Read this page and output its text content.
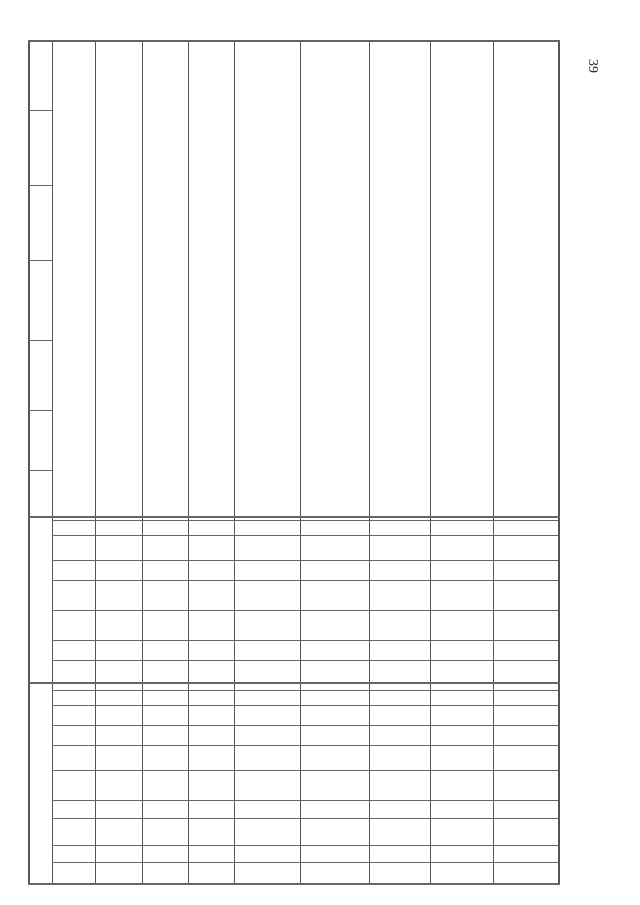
39
